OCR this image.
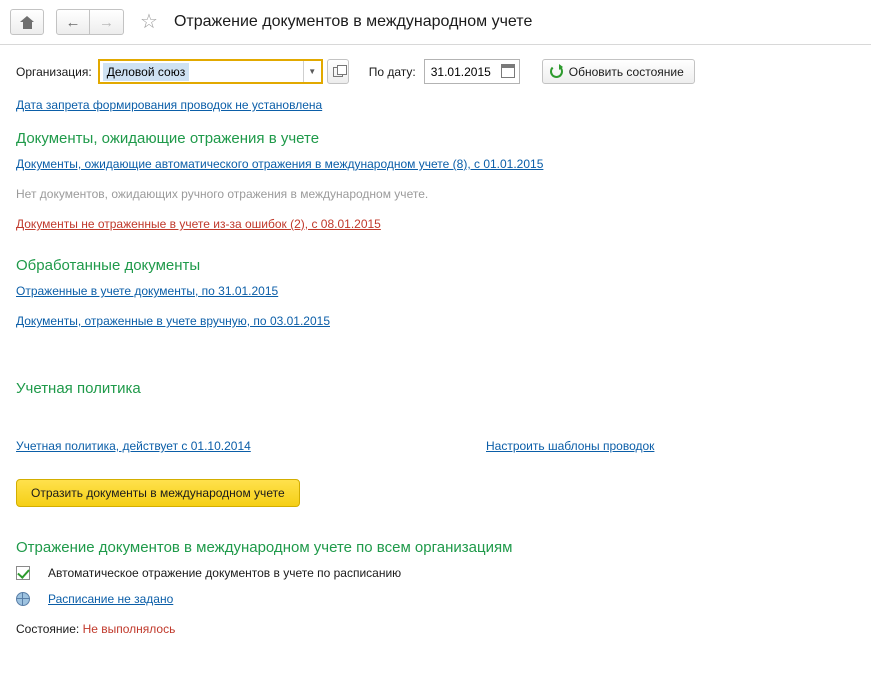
← → ☆ Отражение документов в международном учете
Организация:	Деловой союз	▼	По дату: 31.01.2015	Обновить состояние
Дата запрета формирования проводок не установлена
Документы, ожидающие отражения в учете
Документы, ожидающие автоматического отражения в международном учете (8), с 01.01.2015
Нет документов, ожидающих ручного отражения в международном учете.
Документы не отраженные в учете из-за ошибок (2), с 08.01.2015
Обработанные документы
Отраженные в учете документы, по 31.01.2015
Документы, отраженные в учете вручную, по 03.01.2015
Учетная политика
Учетная политика, действует с 01.10.2014	Настроить шаблоны проводок
Отразить документы в международном учете
Отражение документов в международном учете по всем организациям
Автоматическое отражение документов в учете по расписанию
Расписание не задано
Состояние: Не выполнялось
